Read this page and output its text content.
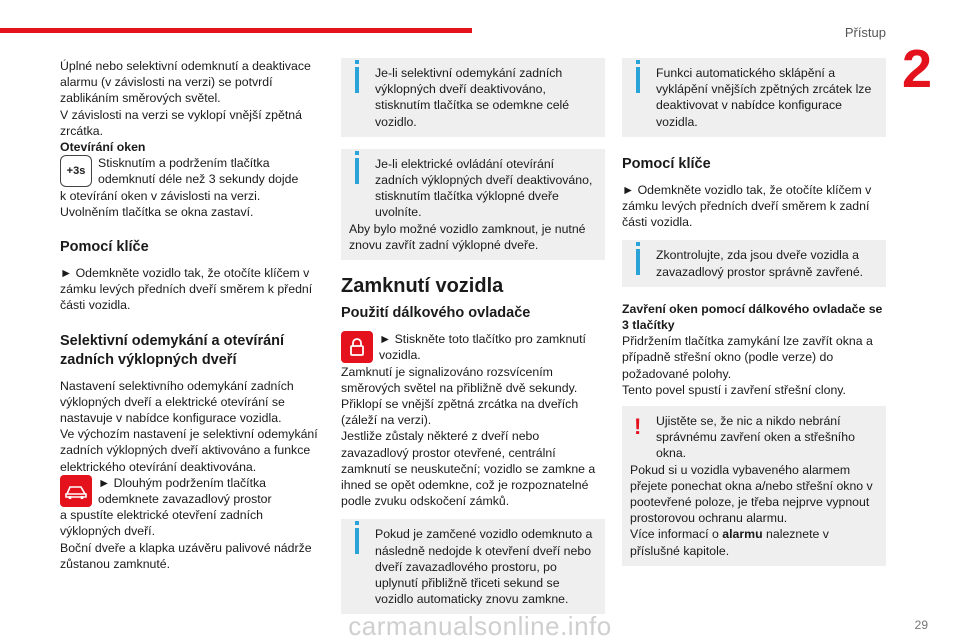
Přístup
2

Úplné nebo selektivní odemknutí a deaktivace alarmu (v závislosti na verzi) se potvrdí zablikáním směrových světel.

V závislosti na verzi se vyklopí vnější zpětná zrcátka.

Otevírání oken

+3s

Stisknutím a podržením tlačítka odemknutí déle než 3 sekundy dojde

k otevírání oken v závislosti na verzi.

Uvolněním tlačítka se okna zastaví.

Pomocí klíče

► Odemkněte vozidlo tak, že otočíte klíčem v zámku levých předních dveří směrem k přední části vozidla.

Selektivní odemykání a otevírání zadních výklopných dveří

Nastavení selektivního odemykání zadních výklopných dveří a elektrické otevírání se nastavuje v nabídce konfigurace vozidla.

Ve výchozím nastavení je selektivní odemykání zadních výklopných dveří aktivováno a funkce elektrického otevírání deaktivována.

► Dlouhým podržením tlačítka odemknete zavazadlový prostor

a spustíte elektrické otevření zadních výklopných dveří.

Boční dveře a klapka uzávěru palivové nádrže zůstanou zamknuté.

Je-li selektivní odemykání zadních výklopných dveří deaktivováno, stisknutím tlačítka se odemkne celé vozidlo.

Je-li elektrické ovládání otevírání zadních výklopných dveří deaktivováno, stisknutím tlačítka výklopné dveře uvolníte.

Aby bylo možné vozidlo zamknout, je nutné znovu zavřít zadní výklopné dveře.

Zamknutí vozidla
Použití dálkového ovladače

► Stiskněte toto tlačítko pro zamknutí vozidla.

Zamknutí je signalizováno rozsvícením směrových světel na přibližně dvě sekundy.

Přiklopí se vnější zpětná zrcátka na dveřích (záleží na verzi).

Jestliže zůstaly některé z dveří nebo zavazadlový prostor otevřené, centrální zamknutí se neuskuteční; vozidlo se zamkne a ihned se opět odemkne, což je rozpoznatelné podle zvuku odskočení zámků.

Pokud je zamčené vozidlo odemknuto a následně nedojde k otevření dveří nebo dveří zavazadlového prostoru, po uplynutí přibližně třiceti sekund se vozidlo automaticky znovu zamkne.

Funkci automatického sklápění a vyklápění vnějších zpětných zrcátek lze deaktivovat v nabídce konfigurace vozidla.

Pomocí klíče

► Odemkněte vozidlo tak, že otočíte klíčem v zámku levých předních dveří směrem k zadní části vozidla.

Zkontrolujte, zda jsou dveře vozidla a zavazadlový prostor správně zavřené.

Zavření oken pomocí dálkového ovladače se 3 tlačítky

Přidržením tlačítka zamykání lze zavřít okna a případně střešní okno (podle verze) do požadované polohy.

Tento povel spustí i zavření střešní clony.

!	Ujistěte se, že nic a nikdo nebrání správnému zavření oken a střešního okna.

Pokud si u vozidla vybaveného alarmem přejete ponechat okna a/nebo střešní okno v pootevřené poloze, je třeba nejprve vypnout prostorovou ochranu alarmu.

Více informací o alarmu naleznete v příslušné kapitole.

carmanualsonline.info	29
